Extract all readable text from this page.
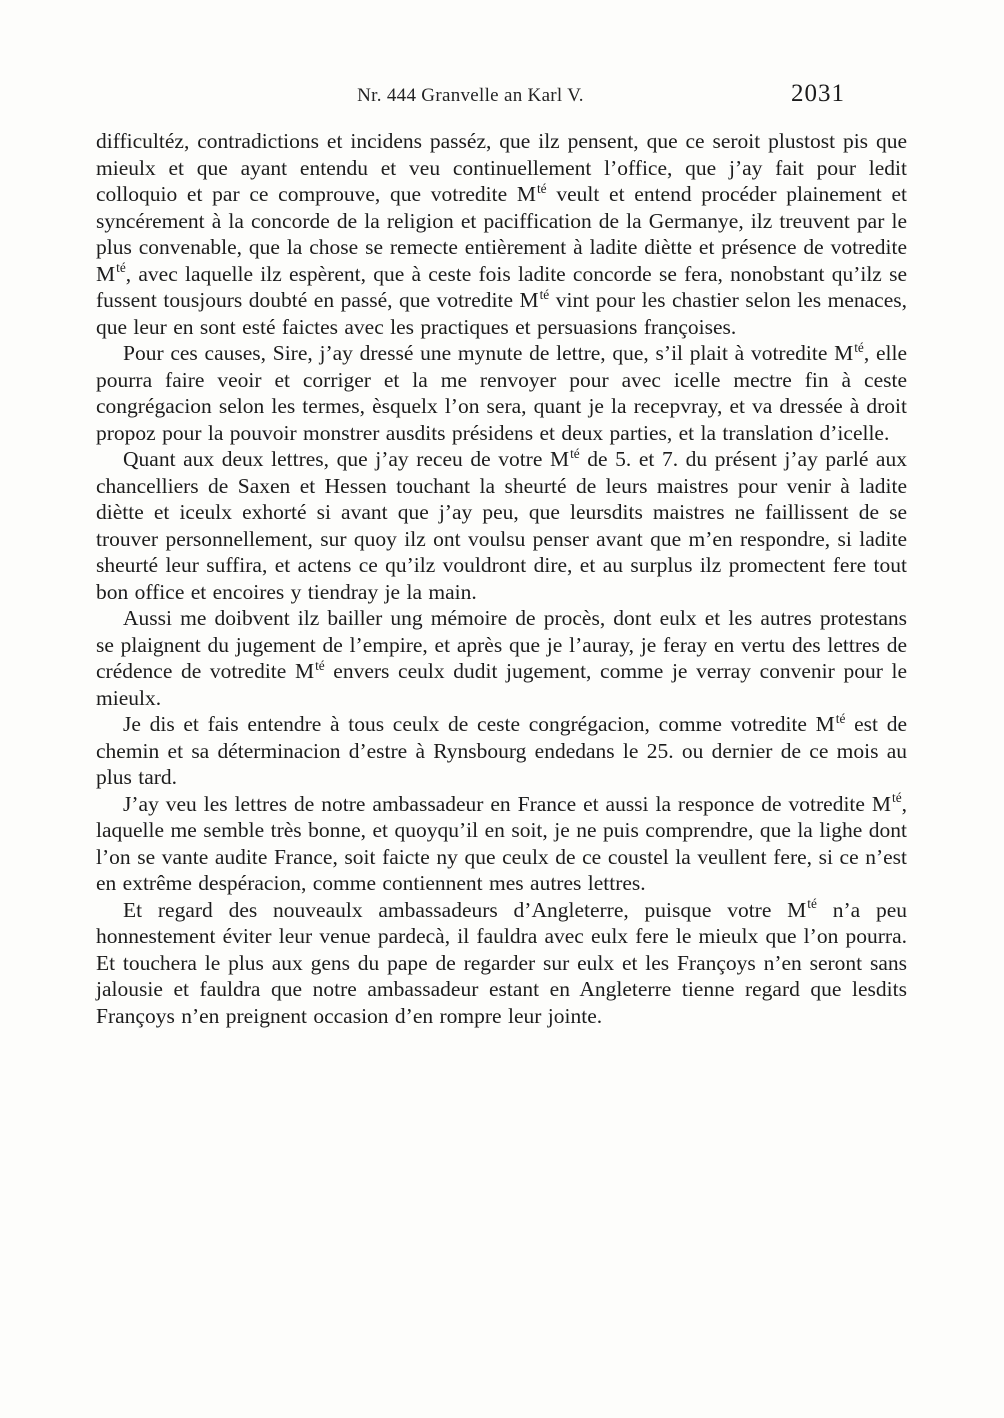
Nr. 444 Granvelle an Karl V.	2031

difficultéz, contradictions et incidens passéz, que ilz pensent, que ce seroit plustost pis que mieulx et que ayant entendu et veu continuellement l’office, que j’ay fait pour ledit colloquio et par ce comprouve, que votredite $M^{té}$ veult et entend procéder plainement et syncérement à la concorde de la religion et paciffication de la Germanye, ilz treuvent par le plus convenable, que la chose se remecte entièrement à ladite diètte et présence de votredite $M^{té}$, avec laquelle ilz espèrent, que à ceste fois ladite concorde se fera, nonobstant qu’ilz se fussent tousjours doubté en passé, que votredite $M^{té}$ vint pour les chastier selon les menaces, que leur en sont esté faictes avec les practiques et persuasions françoises.

Pour ces causes, Sire, j’ay dressé une mynute de lettre, que, s’il plait à votredite $M^{té}$, elle pourra faire veoir et corriger et la me renvoyer pour avec icelle mectre fin à ceste congrégacion selon les termes, èsquelx l’on sera, quant je la recepvray, et va dressée à droit propoz pour la pouvoir monstrer ausdits présidens et deux parties, et la translation d’icelle.

Quant aux deux lettres, que j’ay receu de votre $M^{té}$ de 5. et 7. du présent j’ay parlé aux chancelliers de Saxen et Hessen touchant la sheurté de leurs maistres pour venir à ladite diètte et iceulx exhorté si avant que j’ay peu, que leursdits maistres ne faillissent de se trouver personnellement, sur quoy ilz ont voulsu penser avant que m’en respondre, si ladite sheurté leur suffira, et actens ce qu’ilz vouldront dire, et au surplus ilz promectent fere tout bon office et encoires y tiendray je la main.

Aussi me doibvent ilz bailler ung mémoire de procès, dont eulx et les autres protestans se plaignent du jugement de l’empire, et après que je l’auray, je feray en vertu des lettres de crédence de votredite $M^{té}$ envers ceulx dudit jugement, comme je verray convenir pour le mieulx.

Je dis et fais entendre à tous ceulx de ceste congrégacion, comme votredite $M^{té}$ est de chemin et sa déterminacion d’estre à Rynsbourg endedans le 25. ou dernier de ce mois au plus tard.

J’ay veu les lettres de notre ambassadeur en France et aussi la responce de votredite $M^{té}$, laquelle me semble très bonne, et quoyqu’il en soit, je ne puis comprendre, que la lighe dont l’on se vante audite France, soit faicte ny que ceulx de ce coustel la veullent fere, si ce n’est en extrême despéracion, comme contiennent mes autres lettres.

Et regard des nouveaulx ambassadeurs d’Angleterre, puisque votre $M^{té}$ n’a peu honnestement éviter leur venue pardecà, il fauldra avec eulx fere le mieulx que l’on pourra. Et touchera le plus aux gens du pape de regarder sur eulx et les Françoys n’en seront sans jalousie et fauldra que notre ambassadeur estant en Angleterre tienne regard que lesdits Françoys n’en preignent occasion d’en rompre leur jointe.
